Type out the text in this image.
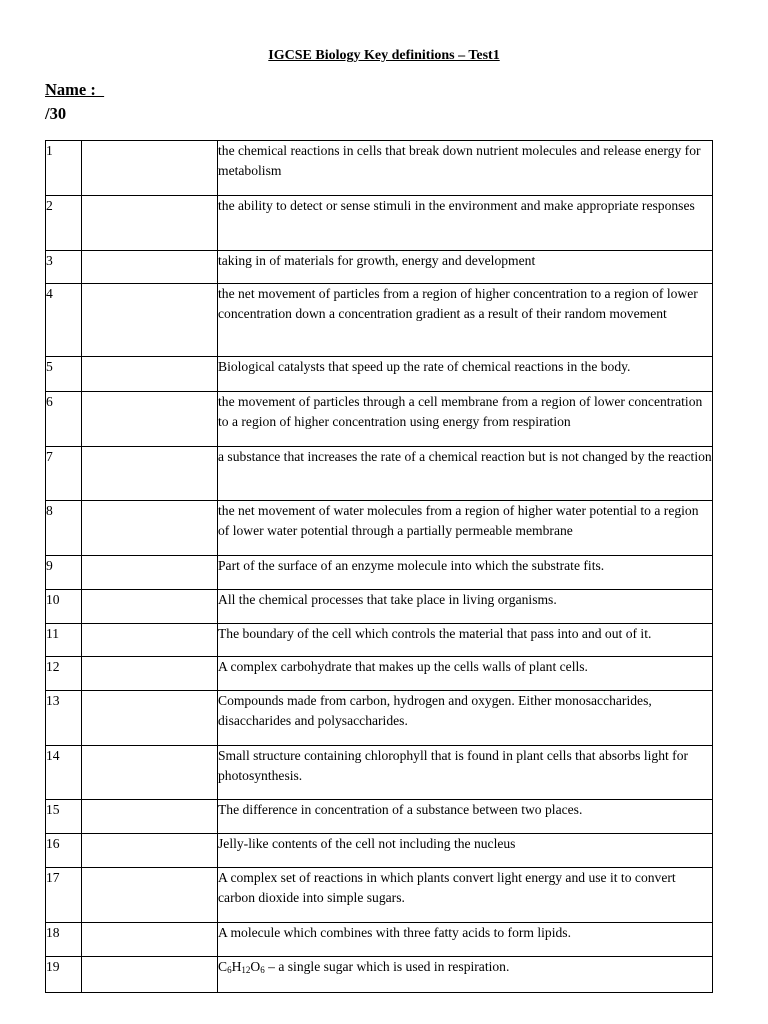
IGCSE Biology Key definitions – Test1
Name :
/30
1		the chemical reactions in cells that break down nutrient molecules and release energy for metabolism
2		the ability to detect or sense stimuli in the environment and make appropriate responses
3		taking in of materials for growth, energy and development
4		the net movement of particles from a region of higher concentration to a region of lower concentration down a concentration gradient as a result of their random movement
5		Biological catalysts that speed up the rate of chemical reactions in the body.
6		the movement of particles through a cell membrane from a region of lower concentration to a region of higher concentration using energy from respiration
7		a substance that increases the rate of a chemical reaction but is not changed by the reaction
8		the net movement of water molecules from a region of higher water potential to a region of lower water potential through a partially permeable membrane
9		Part of the surface of an enzyme molecule into which the substrate fits.
10		All the chemical processes that take place in living organisms.
11		The boundary of the cell which controls the material that pass into and out of it.
12		A complex carbohydrate that makes up the cells walls of plant cells.
13		Compounds made from carbon, hydrogen and oxygen. Either monosaccharides, disaccharides and polysaccharides.
14		Small structure containing chlorophyll that is found in plant cells that absorbs light for photosynthesis.
15		The difference in concentration of a substance between two places.
16		Jelly-like contents of the cell not including the nucleus
17		A complex set of reactions in which plants convert light energy and use it to convert carbon dioxide into simple sugars.
18		A molecule which combines with three fatty acids to form lipids.
19		$C_6H_{12}O_6$ – a single sugar which is used in respiration.
